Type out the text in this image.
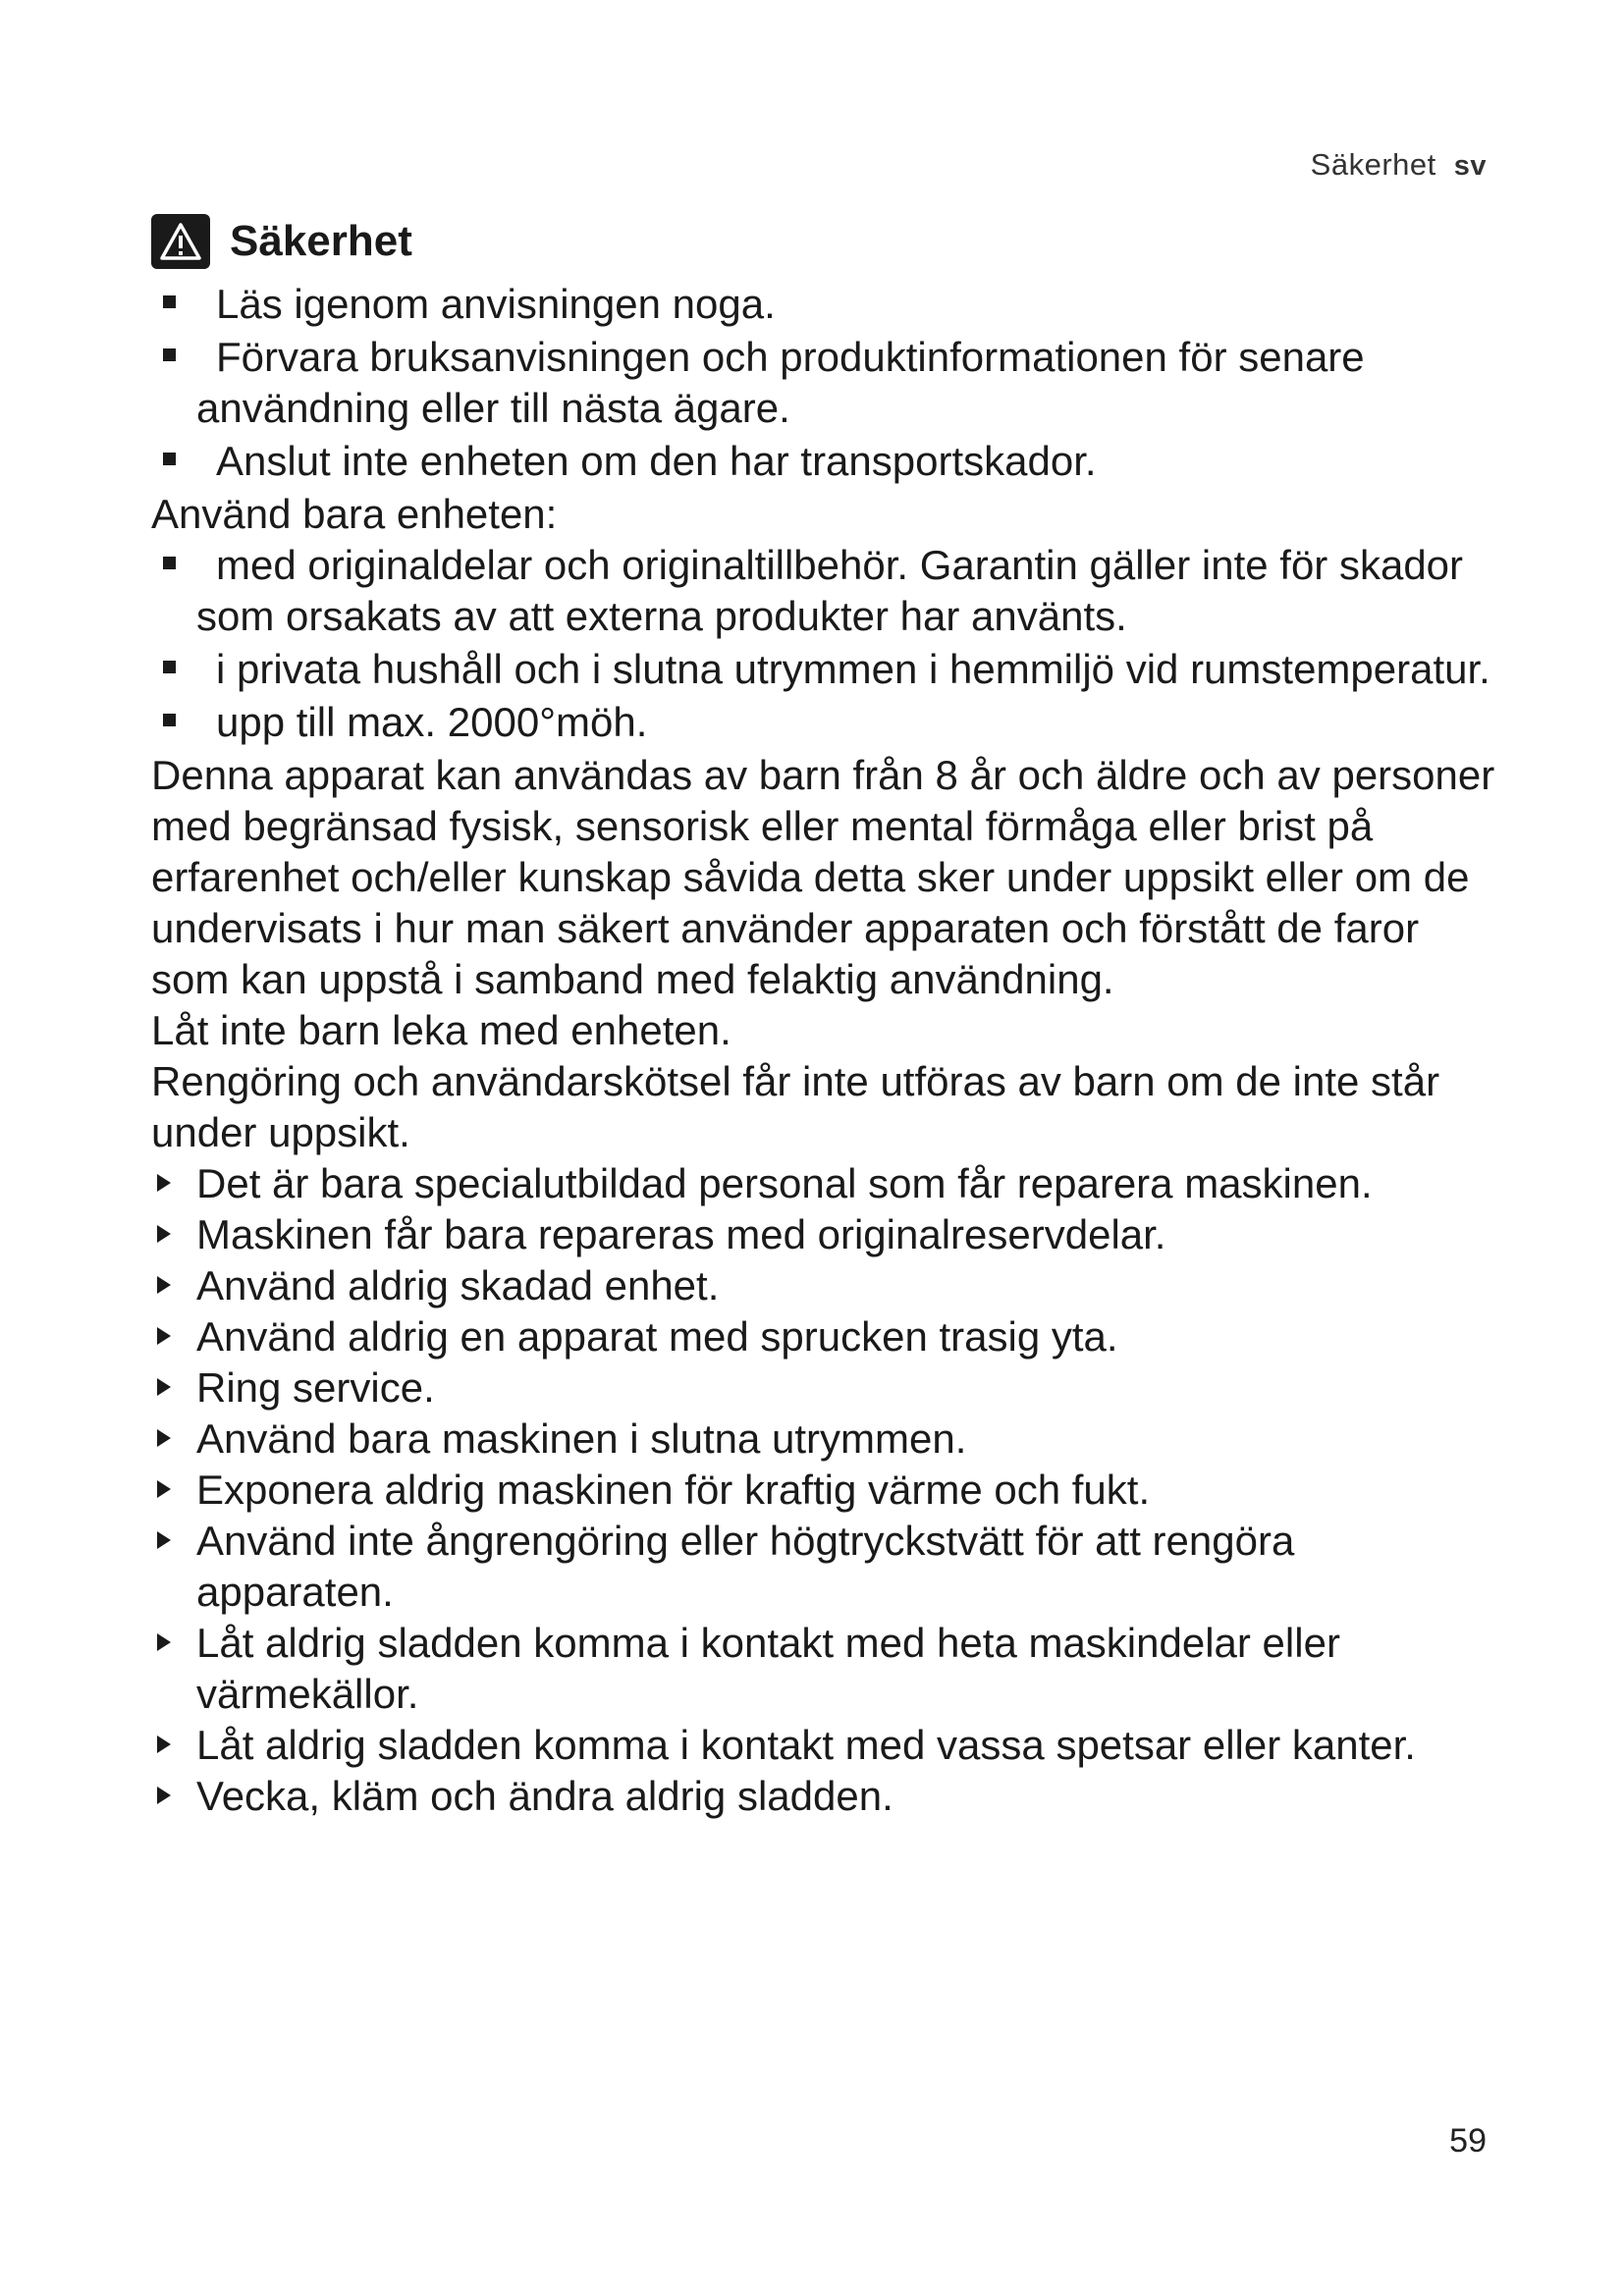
Säkerhet sv
Säkerhet
Läs igenom anvisningen noga.
Förvara bruksanvisningen och produktinformationen för senare användning eller till nästa ägare.
Anslut inte enheten om den har transportskador.

Använd bara enheten:

med originaldelar och originaltillbehör. Garantin gäller inte för skador som orsakats av att externa produkter har använts.
i privata hushåll och i slutna utrymmen i hemmiljö vid rumstemperatur.
upp till max. 2000°möh.

Denna apparat kan användas av barn från 8 år och äldre och av personer med begränsad fysisk, sensorisk eller mental förmåga eller brist på erfarenhet och/eller kunskap såvida detta sker under uppsikt eller om de undervisats i hur man säkert använder apparaten och förstått de faror som kan uppstå i samband med felaktig användning.

Låt inte barn leka med enheten.

Rengöring och användarskötsel får inte utföras av barn om de inte står under uppsikt.

Det är bara specialutbildad personal som får reparera maskinen.
Maskinen får bara repareras med originalreservdelar.
Använd aldrig skadad enhet.
Använd aldrig en apparat med sprucken trasig yta.
Ring service.
Använd bara maskinen i slutna utrymmen.
Exponera aldrig maskinen för kraftig värme och fukt.
Använd inte ångrengöring eller högtryckstvätt för att rengöra apparaten.
Låt aldrig sladden komma i kontakt med heta maskindelar eller värmekällor.
Låt aldrig sladden komma i kontakt med vassa spetsar eller kanter.
Vecka, kläm och ändra aldrig sladden.
59
